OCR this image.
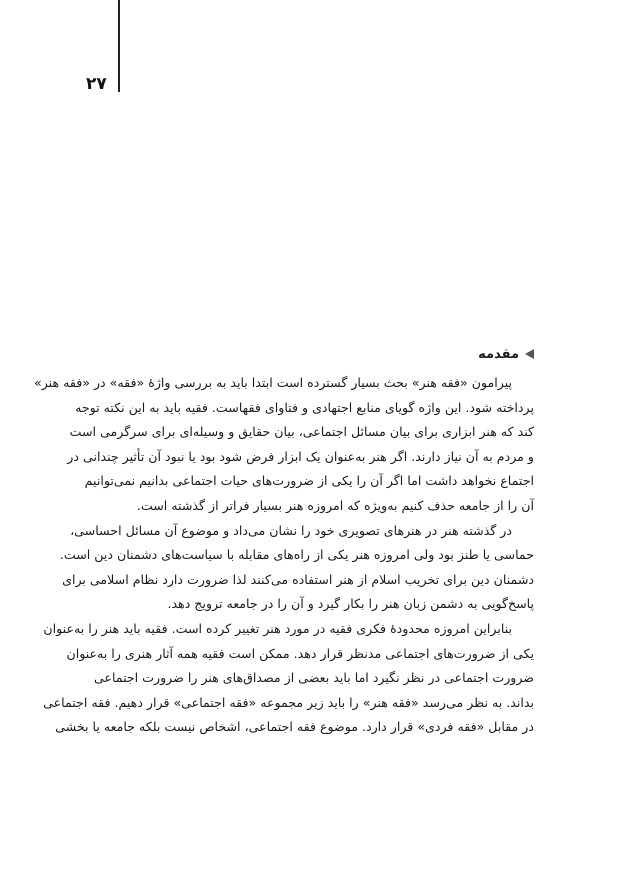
۲۷
مقدمه
پیرامون «فقه هنر» بحث بسیار گسترده است ابتدا باید به بررسی واژۀ «فقه» در «فقه هنر»
پرداخته شود. این واژه گویای منابع اجتهادی و فتاوای فقهاست. فقیه باید به این نکته توجه
کند که هنر ابزاری برای بیان مسائل اجتماعی، بیان حقایق و وسیله‌ای برای سرگرمی است
و مردم به آن نیاز دارند. اگر هنر به‌عنوان یک ابزار فرض شود بود یا نبود آن تأثیر چندانی در
اجتماع نخواهد داشت اما اگر آن را یکی از ضرورت‌های حیات اجتماعی بدانیم نمی‌توانیم
آن را از جامعه حذف کنیم به‌ویژه که امروزه هنر بسیار فراتر از گذشته است.
در گذشته هنر در هنرهای تصویری خود را نشان می‌داد و موضوع آن مسائل احساسی،
حماسی یا طنز بود ولی امروزه هنر یکی از راه‌های مقابله با سیاست‌های دشمنان دین است.
دشمنان دین برای تخریب اسلام از هنر استفاده می‌کنند لذا ضرورت دارد نظام اسلامی برای
پاسخ‌گویی به دشمن زبان هنر را بکار گیرد و آن را در جامعه ترویج دهد.
بنابراین امروزه محدودۀ فکری فقیه در مورد هنر تغییر کرده است. فقیه باید هنر را به‌عنوان
یکی از ضرورت‌های اجتماعی مدنظر قرار دهد. ممکن است فقیه همه آثار هنری را به‌عنوان
ضرورت اجتماعی در نظر نگیرد اما باید بعضی از مصداق‌های هنر را ضرورت اجتماعی
بداند. به نظر می‌رسد «فقه هنر» را باید زیر مجموعه «فقه اجتماعی» قرار دهیم. فقه اجتماعی
در مقابل «فقه فردی» قرار دارد. موضوع فقه اجتماعی، اشخاص نیست بلکه جامعه یا بخشی
